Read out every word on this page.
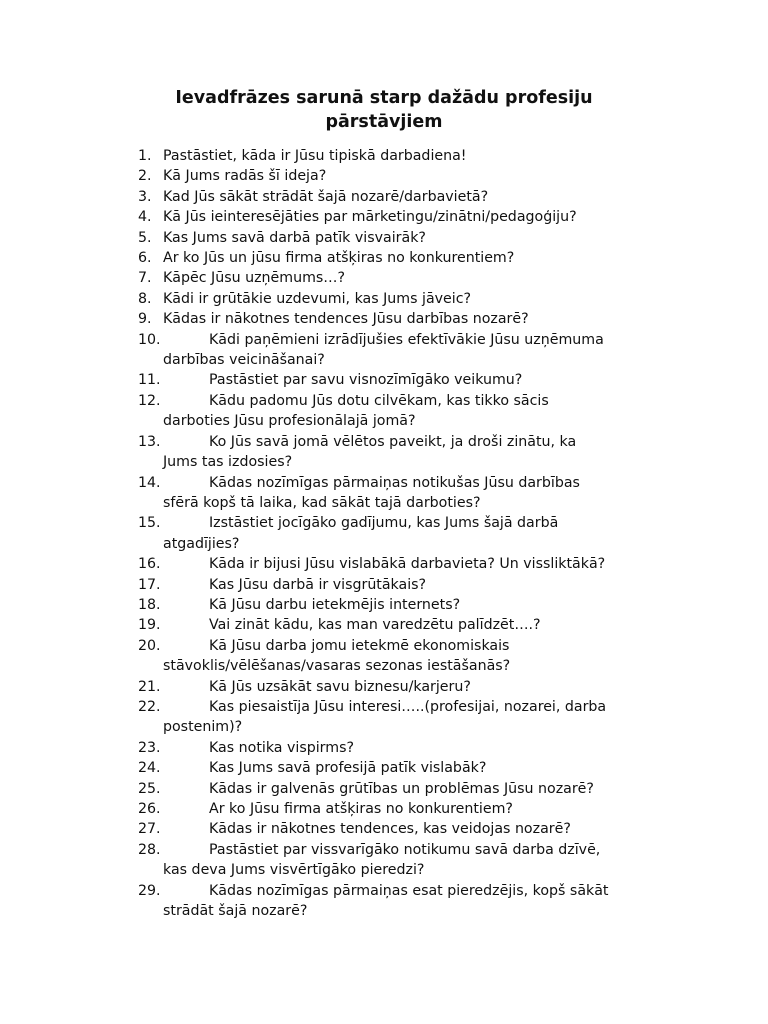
Ievadfrāzes sarunā starp dažādu profesiju
pārstāvjiem
1. Pastāstiet, kāda ir Jūsu tipiskā darbadiena!
2. Kā Jums radās šī ideja?
3. Kad Jūs sākāt strādāt šajā nozarē/darbavietā?
4. Kā Jūs ieinteresējāties par mārketingu/zinātni/pedagoģiju?
5. Kas Jums savā darbā patīk visvairāk?
6. Ar ko Jūs un jūsu firma atšķiras no konkurentiem?
7. Kāpēc Jūsu uzņēmums…?
8. Kādi ir grūtākie uzdevumi, kas Jums jāveic?
9. Kādas ir nākotnes tendences Jūsu darbības nozarē?
10.	Kādi paņēmieni izrādījušies efektīvākie Jūsu uzņēmuma
darbības veicināšanai?
11.	Pastāstiet par savu visnozīmīgāko veikumu?
12.	Kādu padomu Jūs dotu cilvēkam, kas tikko sācis
darboties Jūsu profesionālajā jomā?
13.	Ko Jūs savā jomā vēlētos paveikt, ja droši zinātu, ka
Jums tas izdosies?
14.	Kādas nozīmīgas pārmaiņas notikušas Jūsu darbības
sfērā kopš tā laika, kad sākāt tajā darboties?
15.	Izstāstiet jocīgāko gadījumu, kas Jums šajā darbā
atgadījies?
16.	Kāda ir bijusi Jūsu vislabākā darbavieta? Un vissliktākā?
17.	Kas Jūsu darbā ir visgrūtākais?
18.	Kā Jūsu darbu ietekmējis internets?
19.	Vai zināt kādu, kas man varedzētu palīdzēt….?
20.	Kā Jūsu darba jomu ietekmē ekonomiskais
stāvoklis/vēlēšanas/vasaras sezonas iestāšanās?
21.	Kā Jūs uzsākāt savu biznesu/karjeru?
22.	Kas piesaistīja Jūsu interesi…..(profesijai, nozarei, darba
postenim)?
23.	Kas notika vispirms?
24.	Kas Jums savā profesijā patīk vislabāk?
25.	Kādas ir galvenās grūtības un problēmas Jūsu nozarē?
26.	Ar ko Jūsu firma atšķiras no konkurentiem?
27.	Kādas ir nākotnes tendences, kas veidojas nozarē?
28.	Pastāstiet par vissvarīgāko notikumu savā darba dzīvē,
kas deva Jums visvērtīgāko pieredzi?
29.	Kādas nozīmīgas pārmaiņas esat pieredzējis, kopš sākāt
strādāt šajā nozarē?
